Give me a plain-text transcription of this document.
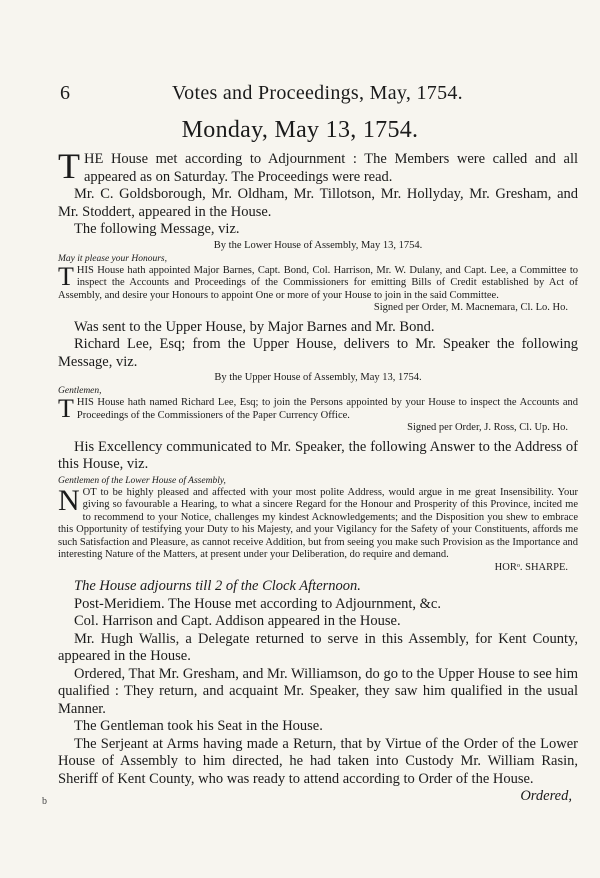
6	Votes and Proceedings, May, 1754.
Monday, May 13, 1754.
T HE House met according to Adjournment : The Members were called and all appeared as on Saturday. The Proceedings were read.

Mr. C. Goldsborough, Mr. Oldham, Mr. Tillotson, Mr. Hollyday, Mr. Gresham, and Mr. Stoddert, appeared in the House.

The following Message, viz.

By the Lower House of Assembly, May 13, 1754.
May it please your Honours,
T HIS House hath appointed Major Barnes, Capt. Bond, Col. Harrison, Mr. W. Dulany, and Capt. Lee, a Committee to inspect the Accounts and Proceedings of the Commissioners for emitting Bills of Credit established by Act of Assembly, and desire your Honours to appoint One or more of your House to join in the said Committee.

Signed per Order, M. Macnemara, Cl. Lo. Ho.

Was sent to the Upper House, by Major Barnes and Mr. Bond.

Richard Lee, Esq; from the Upper House, delivers to Mr. Speaker the following Message, viz.

By the Upper House of Assembly, May 13, 1754.
Gentlemen,
T HIS House hath named Richard Lee, Esq; to join the Persons appointed by your House to inspect the Accounts and Proceedings of the Commissioners of the Paper Currency Office.

Signed per Order, J. Ross, Cl. Up. Ho.

His Excellency communicated to Mr. Speaker, the following Answer to the Address of this House, viz.

Gentlemen of the Lower House of Assembly,
N OT to be highly pleased and affected with your most polite Address, would argue in me great Insensibility. Your giving so favourable a Hearing, to what a sincere Regard for the Honour and Prosperity of this Province, incited me to recommend to your Notice, challenges my kindest Acknowledgements; and the Disposition you shew to embrace this Opportunity of testifying your Duty to his Majesty, and your Vigilancy for the Safety of your Constituents, affords me such Satisfaction and Pleasure, as cannot receive Addition, but from seeing you make such Provision as the Importance and interesting Nature of the Matters, at present under your Deliberation, do require and demand.

HORᵒ. SHARPE.

The House adjourns till 2 of the Clock Afternoon.

Post-Meridiem. The House met according to Adjournment, &c.

Col. Harrison and Capt. Addison appeared in the House.

Mr. Hugh Wallis, a Delegate returned to serve in this Assembly, for Kent County, appeared in the House.

Ordered, That Mr. Gresham, and Mr. Williamson, do go to the Upper House to see him qualified : They return, and acquaint Mr. Speaker, they saw him qualified in the usual Manner.

The Gentleman took his Seat in the House.

The Serjeant at Arms having made a Return, that by Virtue of the Order of the Lower House of Assembly to him directed, he had taken into Custody Mr. William Rasin, Sheriff of Kent County, who was ready to attend according to Order of the House.

Ordered,
b
